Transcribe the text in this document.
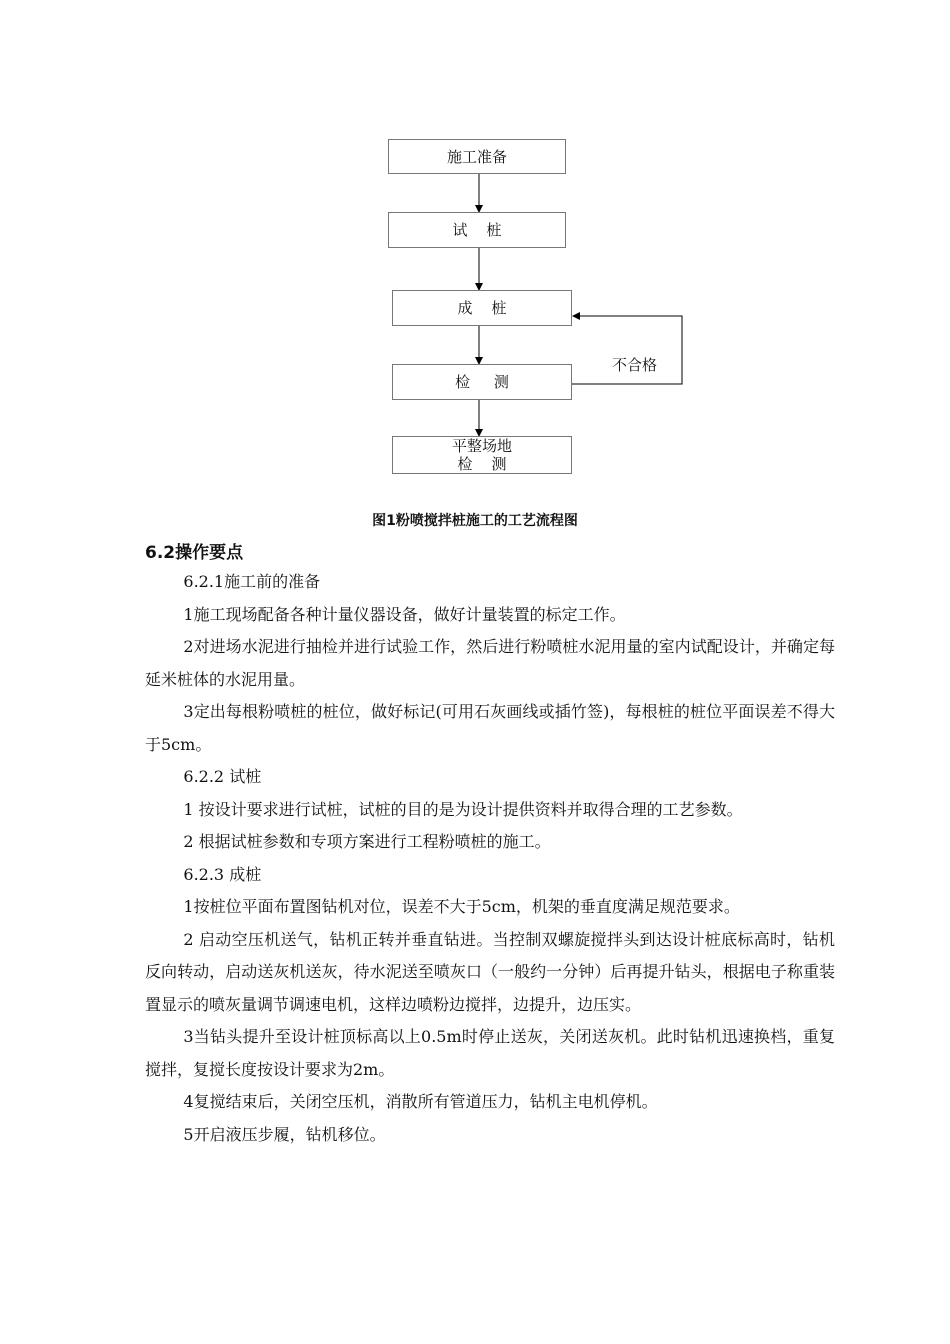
施工准备
试    桩
成    桩
检     测
平整场地
检    测
不合格
图1粉喷搅拌桩施工的工艺流程图
6.2操作要点

6.2.1施工前的准备

1施工现场配备各种计量仪器设备，做好计量装置的标定工作。

2对进场水泥进行抽检并进行试验工作，然后进行粉喷桩水泥用量的室内试配设计，并确定每延米桩体的水泥用量。

3定出每根粉喷桩的桩位，做好标记(可用石灰画线或插竹签)，每根桩的桩位平面误差不得大于5cm。

6.2.2 试桩

1 按设计要求进行试桩，试桩的目的是为设计提供资料并取得合理的工艺参数。

2 根据试桩参数和专项方案进行工程粉喷桩的施工。

6.2.3 成桩

1按桩位平面布置图钻机对位，误差不大于5cm，机架的垂直度满足规范要求。

2 启动空压机送气，钻机正转并垂直钻进。当控制双螺旋搅拌头到达设计桩底标高时，钻机反向转动，启动送灰机送灰，待水泥送至喷灰口（一般约一分钟）后再提升钻头，根据电子称重装置显示的喷灰量调节调速电机，这样边喷粉边搅拌，边提升，边压实。

3当钻头提升至设计桩顶标高以上0.5m时停止送灰，关闭送灰机。此时钻机迅速换档，重复搅拌，复搅长度按设计要求为2m。

4复搅结束后，关闭空压机，消散所有管道压力，钻机主电机停机。

5开启液压步履，钻机移位。
